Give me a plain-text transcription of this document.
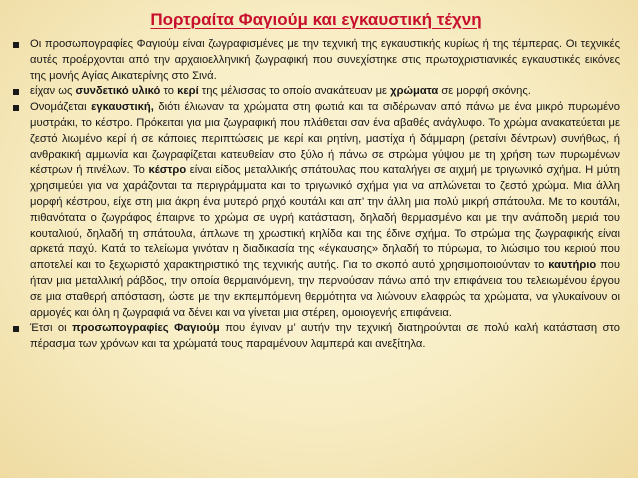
Πορτραίτα Φαγιούμ και εγκαυστική τέχνη
Οι προσωπογραφίες Φαγιούμ είναι ζωγραφισμένες με την τεχνική της εγκαυστικής κυρίως ή της τέμπερας. Οι τεχνικές αυτές προέρχονται από την αρχαιοελληνική ζωγραφική που συνεχίστηκε στις πρωτοχριστιανικές εγκαυστικές εικόνες της μονής Αγίας Αικατερίνης στο Σινά.
είχαν ως συνδετικό υλικό το κερί της μέλισσας το οποίο ανακάτευαν με χρώματα σε μορφή σκόνης.
Ονομάζεται εγκαυστική, διότι έλιωναν τα χρώματα στη φωτιά και τα σιδέρωναν από πάνω με ένα μικρό πυρωμένο μυστράκι, το κέστρο. Πρόκειται για μια ζωγραφική που πλάθεται σαν ένα αβαθές ανάγλυφο. Το χρώμα ανακατεύεται με ζεστό λιωμένο κερί ή σε κάποιες περιπτώσεις με κερί και ρητίνη, μαστίχα ή δάμμαρη (ρετσίνι δέντρων) συνήθως, ή ανθρακική αμμωνία και ζωγραφίζεται κατευθείαν στο ξύλο ή πάνω σε στρώμα γύψου με τη χρήση των πυρωμένων κέστρων ή πινέλων. Το κέστρο είναι είδος μεταλλικής σπάτουλας που καταλήγει σε αιχμή με τριγωνικό σχήμα. Η μύτη χρησιμεύει για να χαράζονται τα περιγράμματα και το τριγωνικό σχήμα για να απλώνεται το ζεστό χρώμα. Μια άλλη μορφή κέστρου, είχε στη μια άκρη ένα μυτερό ρηχό κουτάλι και απ’ την άλλη μια πολύ μικρή σπάτουλα. Με το κουτάλι, πιθανότατα ο ζωγράφος έπαιρνε το χρώμα σε υγρή κατάσταση, δηλαδή θερμασμένο και με την ανάποδη μεριά του κουταλιού, δηλαδή τη σπάτουλα, άπλωνε τη χρωστική κηλίδα και της έδινε σχήμα. Το στρώμα της ζωγραφικής είναι αρκετά παχύ. Κατά το τελείωμα γινόταν η διαδικασία της «έγκαυσης» δηλαδή το πύρωμα, το λιώσιμο του κεριού που αποτελεί και το ξεχωριστό χαρακτηριστικό της τεχνικής αυτής. Για το σκοπό αυτό χρησιμοποιούνταν το καυτήριο που ήταν μια μεταλλική ράβδος, την οποία θερμαινόμενη, την περνούσαν πάνω από την επιφάνεια του τελειωμένου έργου σε μια σταθερή απόσταση, ώστε με την εκπεμπόμενη θερμότητα να λιώνουν ελαφρώς τα χρώματα, να γλυκαίνουν οι αρμογές και όλη η ζωγραφιά να δένει και να γίνεται μια στέρεη, ομοιογενής επιφάνεια.
Έτσι οι προσωπογραφίες Φαγιούμ που έγιναν μ’ αυτήν την τεχνική διατηρούνται σε πολύ καλή κατάσταση στο πέρασμα των χρόνων και τα χρώματά τους παραμένουν λαμπερά και ανεξίτηλα.
